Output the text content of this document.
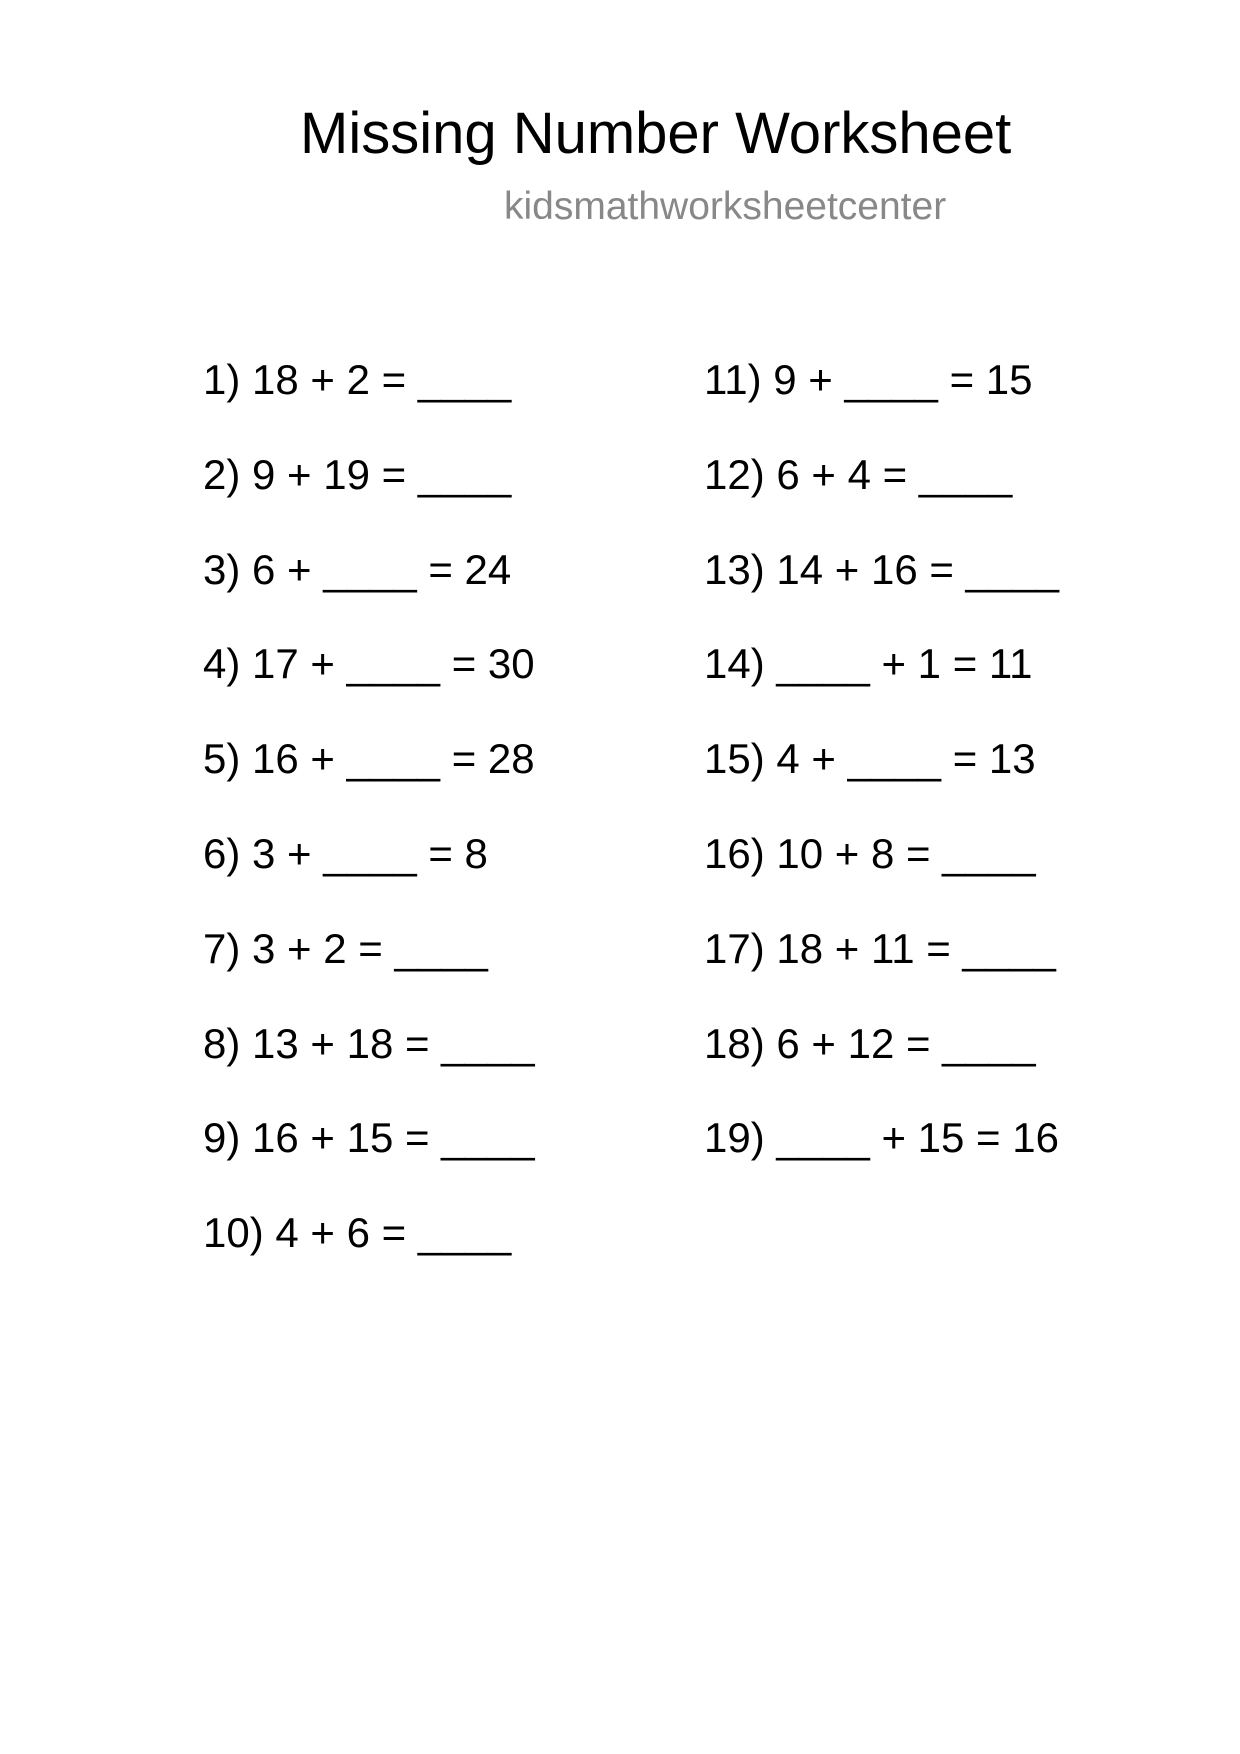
Missing Number Worksheet
kidsmathworksheetcenter
1) 18 + 2 = ____
2) 9 + 19 = ____
3) 6 + ____ = 24
4) 17 + ____ = 30
5) 16 + ____ = 28
6) 3 + ____ = 8
7) 3 + 2 = ____
8) 13 + 18 = ____
9) 16 + 15 = ____
10) 4 + 6 = ____
11) 9 + ____ = 15
12) 6 + 4 = ____
13) 14 + 16 = ____
14) ____ + 1 = 11
15) 4 + ____ = 13
16) 10 + 8 = ____
17) 18 + 11 = ____
18) 6 + 12 = ____
19) ____ + 15 = 16
